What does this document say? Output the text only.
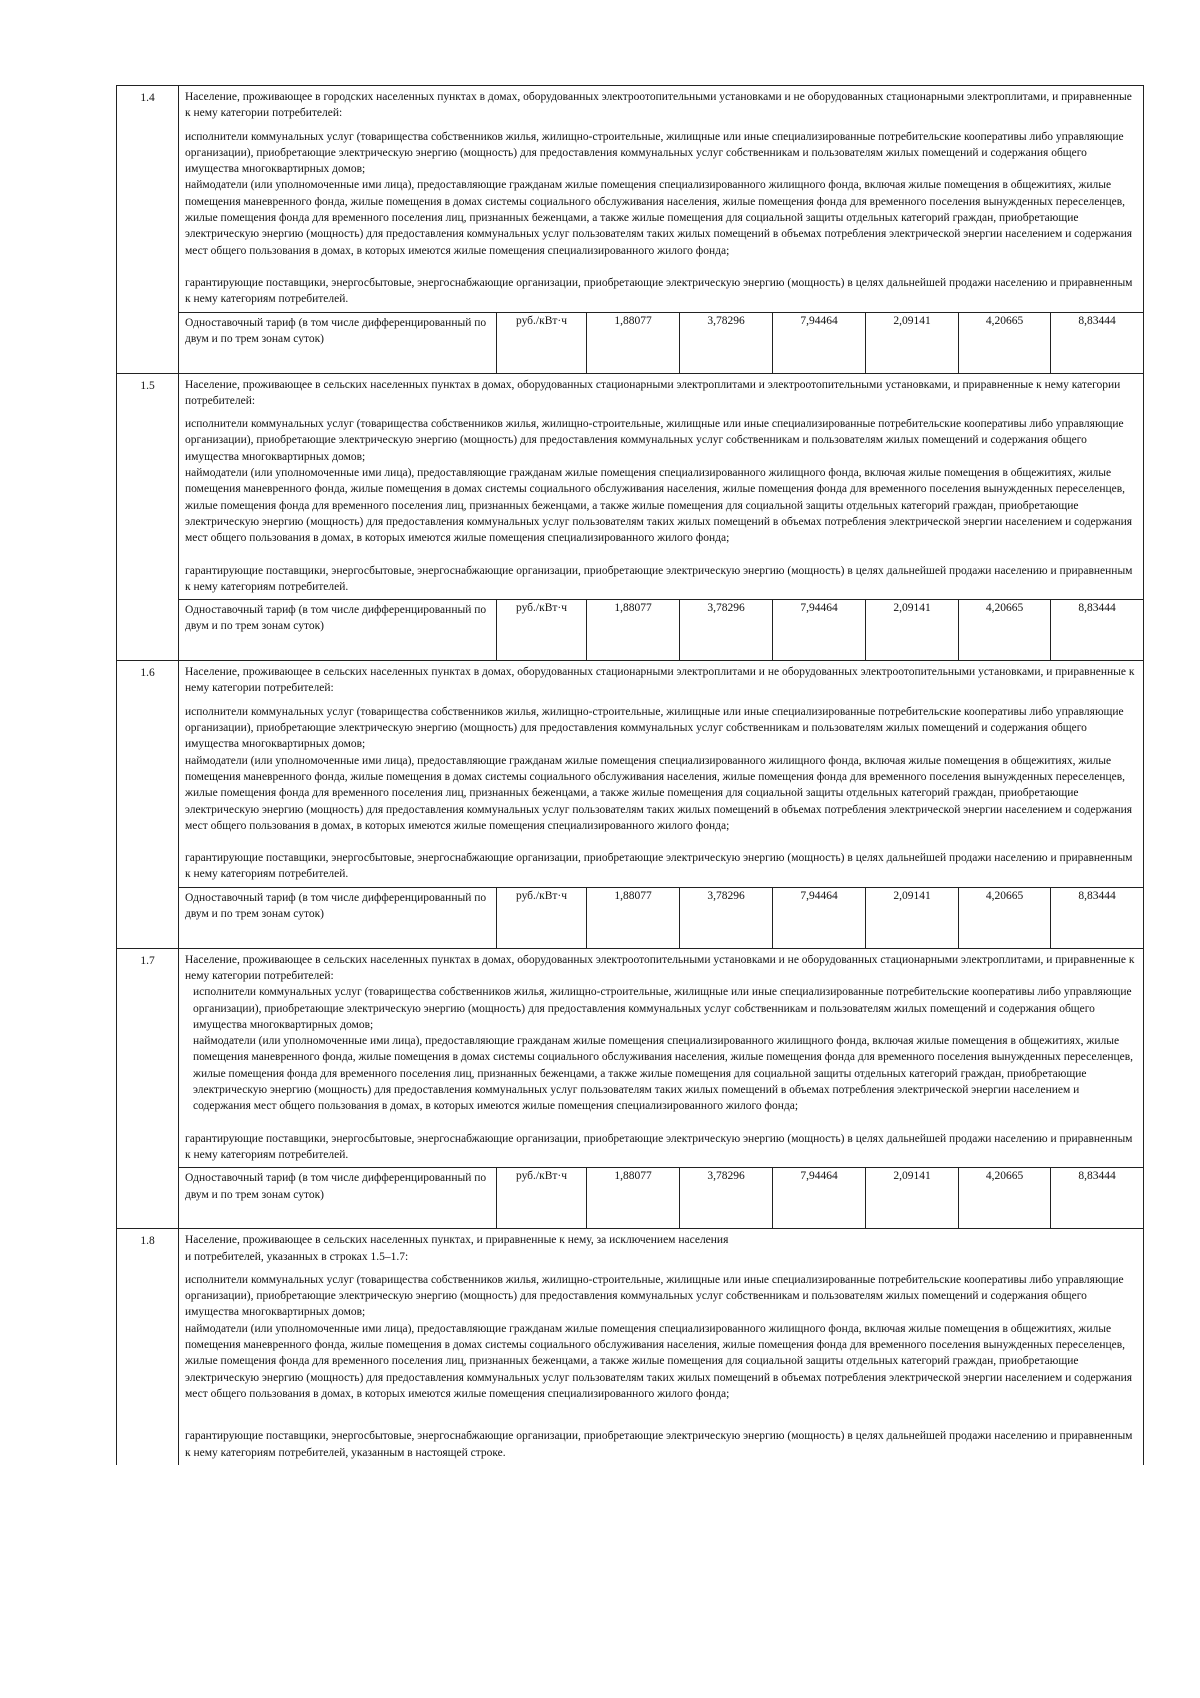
1.4	Население, проживающее в городских населенных пунктах в домах, оборудованных электроотопительными установками и не оборудованных стационарными электроплитами, и приравненные к нему категории потребителей:

исполнители коммунальных услуг (товарищества собственников жилья, жилищно-строительные, жилищные или иные специализированные потребительские кооперативы либо управляющие организации), приобретающие электрическую энергию (мощность) для предоставления коммунальных услуг собственникам и пользователям жилых помещений и содержания общего имущества многоквартирных домов;

наймодатели (или уполномоченные ими лица), предоставляющие гражданам жилые помещения специализированного жилищного фонда, включая жилые помещения в общежитиях, жилые помещения маневренного фонда, жилые помещения в домах системы социального обслуживания населения, жилые помещения фонда для временного поселения вынужденных переселенцев, жилые помещения фонда для временного поселения лиц, признанных беженцами, а также жилые помещения для социальной защиты отдельных категорий граждан, приобретающие электрическую энергию (мощность) для предоставления коммунальных услуг пользователям таких жилых помещений в объемах потребления электрической энергии населением и содержания мест общего пользования в домах, в которых имеются жилые помещения специализированного жилого фонда;

гарантирующие поставщики, энергосбытовые, энергоснабжающие организации, приобретающие электрическую энергию (мощность) в целях дальнейшей продажи населению и приравненным к нему категориям потребителей.							

	Одноставочный тариф (в том числе дифференцированный по двум и по трем зонам суток)	руб./кВт·ч	1,88077	3,78296	7,94464	2,09141	4,20665	8,83444
1.5	Население, проживающее в сельских населенных пунктах в домах, оборудованных стационарными электроплитами и электроотопительными установками, и приравненные к нему категории потребителей:

исполнители коммунальных услуг (товарищества собственников жилья, жилищно-строительные, жилищные или иные специализированные потребительские кооперативы либо управляющие организации), приобретающие электрическую энергию (мощность) для предоставления коммунальных услуг собственникам и пользователям жилых помещений и содержания общего имущества многоквартирных домов;

наймодатели (или уполномоченные ими лица), предоставляющие гражданам жилые помещения специализированного жилищного фонда, включая жилые помещения в общежитиях, жилые помещения маневренного фонда, жилые помещения в домах системы социального обслуживания населения, жилые помещения фонда для временного поселения вынужденных переселенцев, жилые помещения фонда для временного поселения лиц, признанных беженцами, а также жилые помещения для социальной защиты отдельных категорий граждан, приобретающие электрическую энергию (мощность) для предоставления коммунальных услуг пользователям таких жилых помещений в объемах потребления электрической энергии населением и содержания мест общего пользования в домах, в которых имеются жилые помещения специализированного жилого фонда;

гарантирующие поставщики, энергосбытовые, энергоснабжающие организации, приобретающие электрическую энергию (мощность) в целях дальнейшей продажи населению и приравненным к нему категориям потребителей.							

	Одноставочный тариф (в том числе дифференцированный по двум и по трем зонам суток)	руб./кВт·ч	1,88077	3,78296	7,94464	2,09141	4,20665	8,83444
1.6	Население, проживающее в сельских населенных пунктах в домах, оборудованных стационарными электроплитами и не оборудованных электроотопительными установками, и приравненные к нему категории потребителей:

исполнители коммунальных услуг (товарищества собственников жилья, жилищно-строительные, жилищные или иные специализированные потребительские кооперативы либо управляющие организации), приобретающие электрическую энергию (мощность) для предоставления коммунальных услуг собственникам и пользователям жилых помещений и содержания общего имущества многоквартирных домов;

наймодатели (или уполномоченные ими лица), предоставляющие гражданам жилые помещения специализированного жилищного фонда, включая жилые помещения в общежитиях, жилые помещения маневренного фонда, жилые помещения в домах системы социального обслуживания населения, жилые помещения фонда для временного поселения вынужденных переселенцев, жилые помещения фонда для временного поселения лиц, признанных беженцами, а также жилые помещения для социальной защиты отдельных категорий граждан, приобретающие электрическую энергию (мощность) для предоставления коммунальных услуг пользователям таких жилых помещений в объемах потребления электрической энергии населением и содержания мест общего пользования в домах, в которых имеются жилые помещения специализированного жилого фонда;

гарантирующие поставщики, энергосбытовые, энергоснабжающие организации, приобретающие электрическую энергию (мощность) в целях дальнейшей продажи населению и приравненным к нему категориям потребителей.							

	Одноставочный тариф (в том числе дифференцированный по двум и по трем зонам суток)	руб./кВт·ч	1,88077	3,78296	7,94464	2,09141	4,20665	8,83444
1.7	Население, проживающее в сельских населенных пунктах в домах, оборудованных электроотопительными установками и не оборудованных стационарными электроплитами, и приравненные к нему категории потребителей:

исполнители коммунальных услуг (товарищества собственников жилья, жилищно-строительные, жилищные или иные специализированные потребительские кооперативы либо управляющие организации), приобретающие электрическую энергию (мощность) для предоставления коммунальных услуг собственникам и пользователям жилых помещений и содержания общего имущества многоквартирных домов;

наймодатели (или уполномоченные ими лица), предоставляющие гражданам жилые помещения специализированного жилищного фонда, включая жилые помещения в общежитиях, жилые помещения маневренного фонда, жилые помещения в домах системы социального обслуживания населения, жилые помещения фонда для временного поселения вынужденных переселенцев, жилые помещения фонда для временного поселения лиц, признанных беженцами, а также жилые помещения для социальной защиты отдельных категорий граждан, приобретающие электрическую энергию (мощность) для предоставления коммунальных услуг пользователям таких жилых помещений в объемах потребления электрической энергии населением и содержания мест общего пользования в домах, в которых имеются жилые помещения специализированного жилого фонда;

гарантирующие поставщики, энергосбытовые, энергоснабжающие организации, приобретающие электрическую энергию (мощность) в целях дальнейшей продажи населению и приравненным к нему категориям потребителей.							

	Одноставочный тариф (в том числе дифференцированный по двум и по трем зонам суток)	руб./кВт·ч	1,88077	3,78296	7,94464	2,09141	4,20665	8,83444
1.8	Население, проживающее в сельских населенных пунктах, и приравненные к нему, за исключением населения

и потребителей, указанных в строках 1.5–1.7:

исполнители коммунальных услуг (товарищества собственников жилья, жилищно-строительные, жилищные или иные специализированные потребительские кооперативы либо управляющие организации), приобретающие электрическую энергию (мощность) для предоставления коммунальных услуг собственникам и пользователям жилых помещений и содержания общего имущества многоквартирных домов;

наймодатели (или уполномоченные ими лица), предоставляющие гражданам жилые помещения специализированного жилищного фонда, включая жилые помещения в общежитиях, жилые помещения маневренного фонда, жилые помещения в домах системы социального обслуживания населения, жилые помещения фонда для временного поселения вынужденных переселенцев, жилые помещения фонда для временного поселения лиц, признанных беженцами, а также жилые помещения для социальной защиты отдельных категорий граждан, приобретающие электрическую энергию (мощность) для предоставления коммунальных услуг пользователям таких жилых помещений в объемах потребления электрической энергии населением и содержания мест общего пользования в домах, в которых имеются жилые помещения специализированного жилого фонда;

гарантирующие поставщики, энергосбытовые, энергоснабжающие организации, приобретающие электрическую энергию (мощность) в целях дальнейшей продажи населению и приравненным к нему категориям потребителей, указанным в настоящей строке.							
